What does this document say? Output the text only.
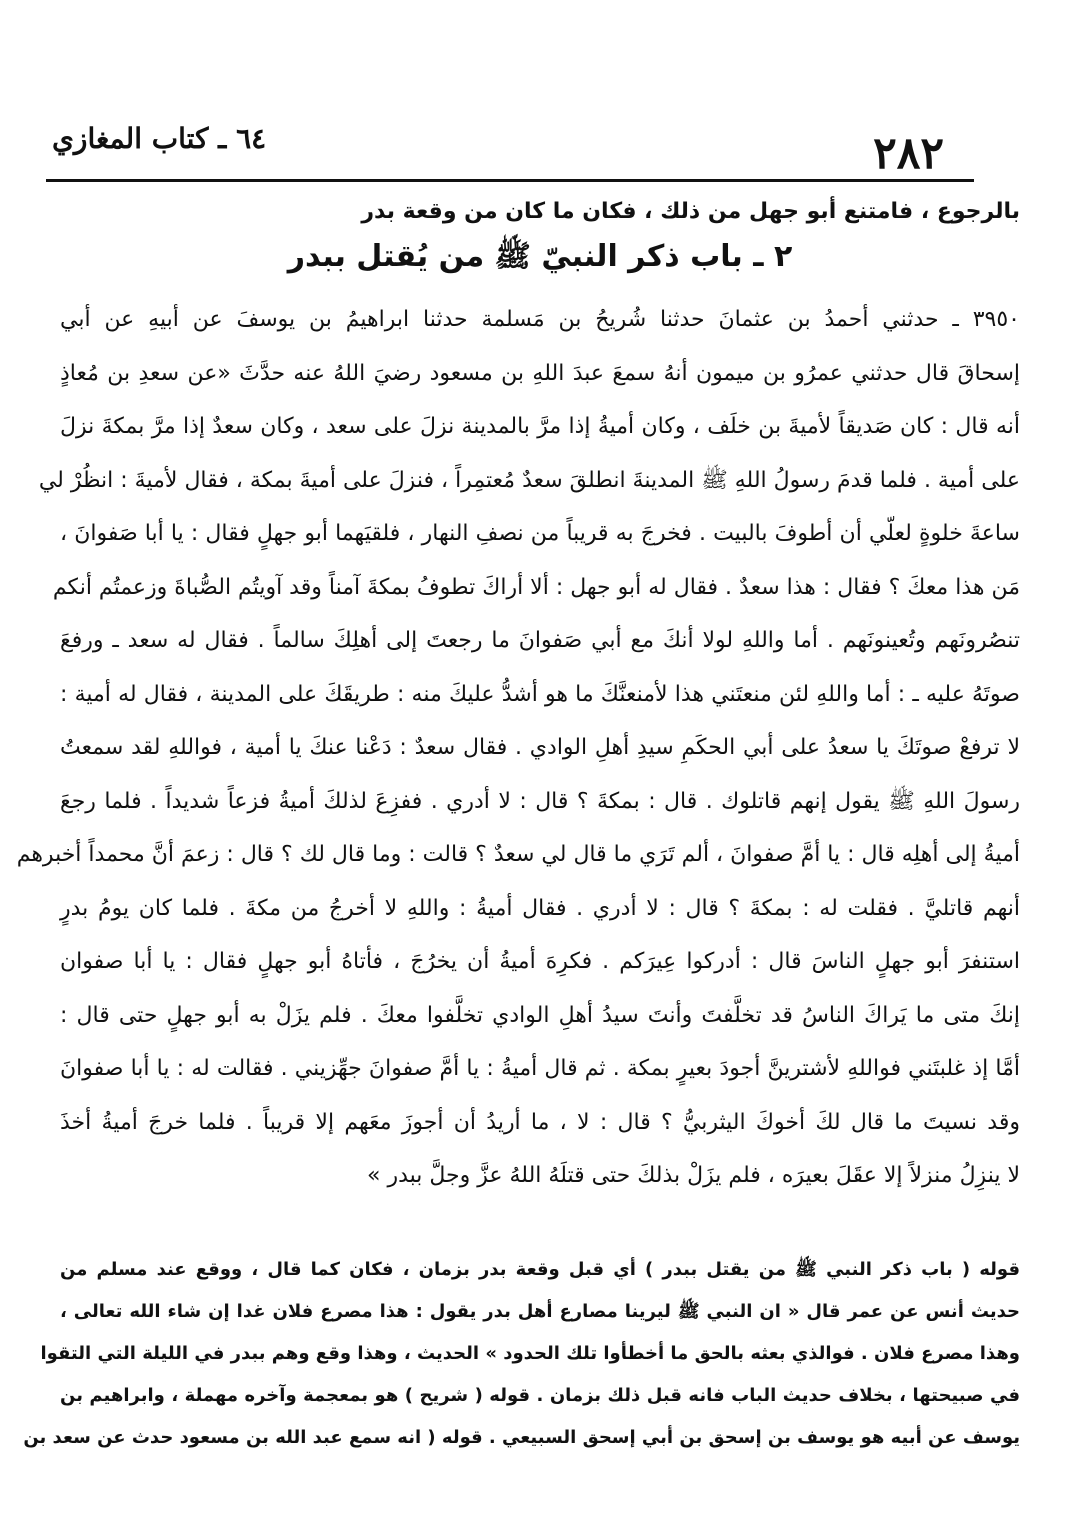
٢٨٢
٦٤ ـ كتاب المغازي
بالرجوع ، فامتنع أبو جهل من ذلك ، فكان ما كان من وقعة بدر
٢ ـ باب ذكر النبيّ ﷺ من يُقتل ببدر
٣٩٥٠ ـ حدثني أحمدُ بن عثمانَ حدثنا شُريحُ بن مَسلمة حدثنا ابراهيمُ بن يوسفَ عن أبيهِ عن أبي
إسحاقَ قال حدثني عمرُو بن ميمون أنهُ سمعَ عبدَ اللهِ بن مسعود رضيَ اللهُ عنه حدَّثَ «عن سعدِ بن مُعاذٍ
أنه قال : كان صَديقاً لأميةَ بن خلَف ، وكان أميةُ إذا مرَّ بالمدينة نزلَ على سعد ، وكان سعدٌ إذا مرَّ بمكةَ نزلَ
على أمية . فلما قدمَ رسولُ اللهِ ﷺ المدينةَ انطلقَ سعدٌ مُعتمِراً ، فنزلَ على أميةَ بمكة ، فقال لأميةَ : انظُرْ لي
ساعةَ خلوةٍ لعلّي أن أطوفَ بالبيت . فخرجَ به قريباً من نصفِ النهار ، فلقيَهما أبو جهلٍ فقال : يا أبا صَفوانَ ،
مَن هذا معكَ ؟ فقال : هذا سعدٌ . فقال له أبو جهل : ألا أراكَ تطوفُ بمكةَ آمناً وقد آويتُم الصُّباةَ وزعمتُم أنكم
تنصُرونَهم وتُعينونَهم . أما واللهِ لولا أنكَ مع أبي صَفوانَ ما رجعتَ إلى أهلِكَ سالماً . فقال له سعد ـ ورفعَ
صوتَهُ عليه ـ : أما واللهِ لئن منعتَني هذا لأمنعنَّكَ ما هو أشدُّ عليكَ منه : طريقَكَ على المدينة ، فقال له أمية :
لا ترفعْ صوتَكَ يا سعدُ على أبي الحكَمِ سيدِ أهلِ الوادي . فقال سعدٌ : دَعْنا عنكَ يا أمية ، فواللهِ لقد سمعتُ
رسولَ اللهِ ﷺ يقول إنهم قاتلوك . قال : بمكةَ ؟ قال : لا أدري . ففزِعَ لذلكَ أميةُ فزعاً شديداً . فلما رجعَ
أميةُ إلى أهلِه قال : يا أمَّ صفوانَ ، ألم تَرَي ما قال لي سعدٌ ؟ قالت : وما قال لك ؟ قال : زعمَ أنَّ محمداً أخبرهم
أنهم قاتليَّ . فقلت له : بمكةَ ؟ قال : لا أدري . فقال أميةُ : واللهِ لا أخرجُ من مكةَ . فلما كان يومُ بدرٍ
استنفرَ أبو جهلٍ الناسَ قال : أدركوا عِيرَكم . فكرِهَ أميةُ أن يخرُجَ ، فأتاهُ أبو جهلٍ فقال : يا أبا صفوان
إنكَ متى ما يَراكَ الناسُ قد تخلَّفتَ وأنتَ سيدُ أهلِ الوادي تخلَّفوا معكَ . فلم يزَلْ به أبو جهلٍ حتى قال :
أمَّا إذ غلبتَني فواللهِ لأشترينَّ أجودَ بعيرٍ بمكة . ثم قال أميةُ : يا أمَّ صفوانَ جهِّزيني . فقالت له : يا أبا صفوانَ
وقد نسيتَ ما قال لكَ أخوكَ اليثربيُّ ؟ قال : لا ، ما أريدُ أن أجوزَ معَهم إلا قريباً . فلما خرجَ أميةُ أخذَ
لا ينزِلُ منزلاً إلا عقَلَ بعيرَه ، فلم يزَلْ بذلكَ حتى قتلَهُ اللهُ عزَّ وجلَّ ببدر »
قوله ( باب ذكر النبي ﷺ من يقتل ببدر ) أي قبل وقعة بدر بزمان ، فكان كما قال ، ووقع عند مسلم من
حديث أنس عن عمر قال « ان النبي ﷺ ليرينا مصارع أهل بدر يقول : هذا مصرع فلان غدا إن شاء الله تعالى ،
وهذا مصرع فلان . فوالذي بعثه بالحق ما أخطأوا تلك الحدود » الحديث ، وهذا وقع وهم ببدر في الليلة التي التقوا
في صبيحتها ، بخلاف حديث الباب فانه قبل ذلك بزمان . قوله ( شريح ) هو بمعجمة وآخره مهملة ، وابراهيم بن
يوسف عن أبيه هو يوسف بن إسحق بن أبي إسحق السبيعي . قوله ( انه سمع عبد الله بن مسعود حدث عن سعد بن
